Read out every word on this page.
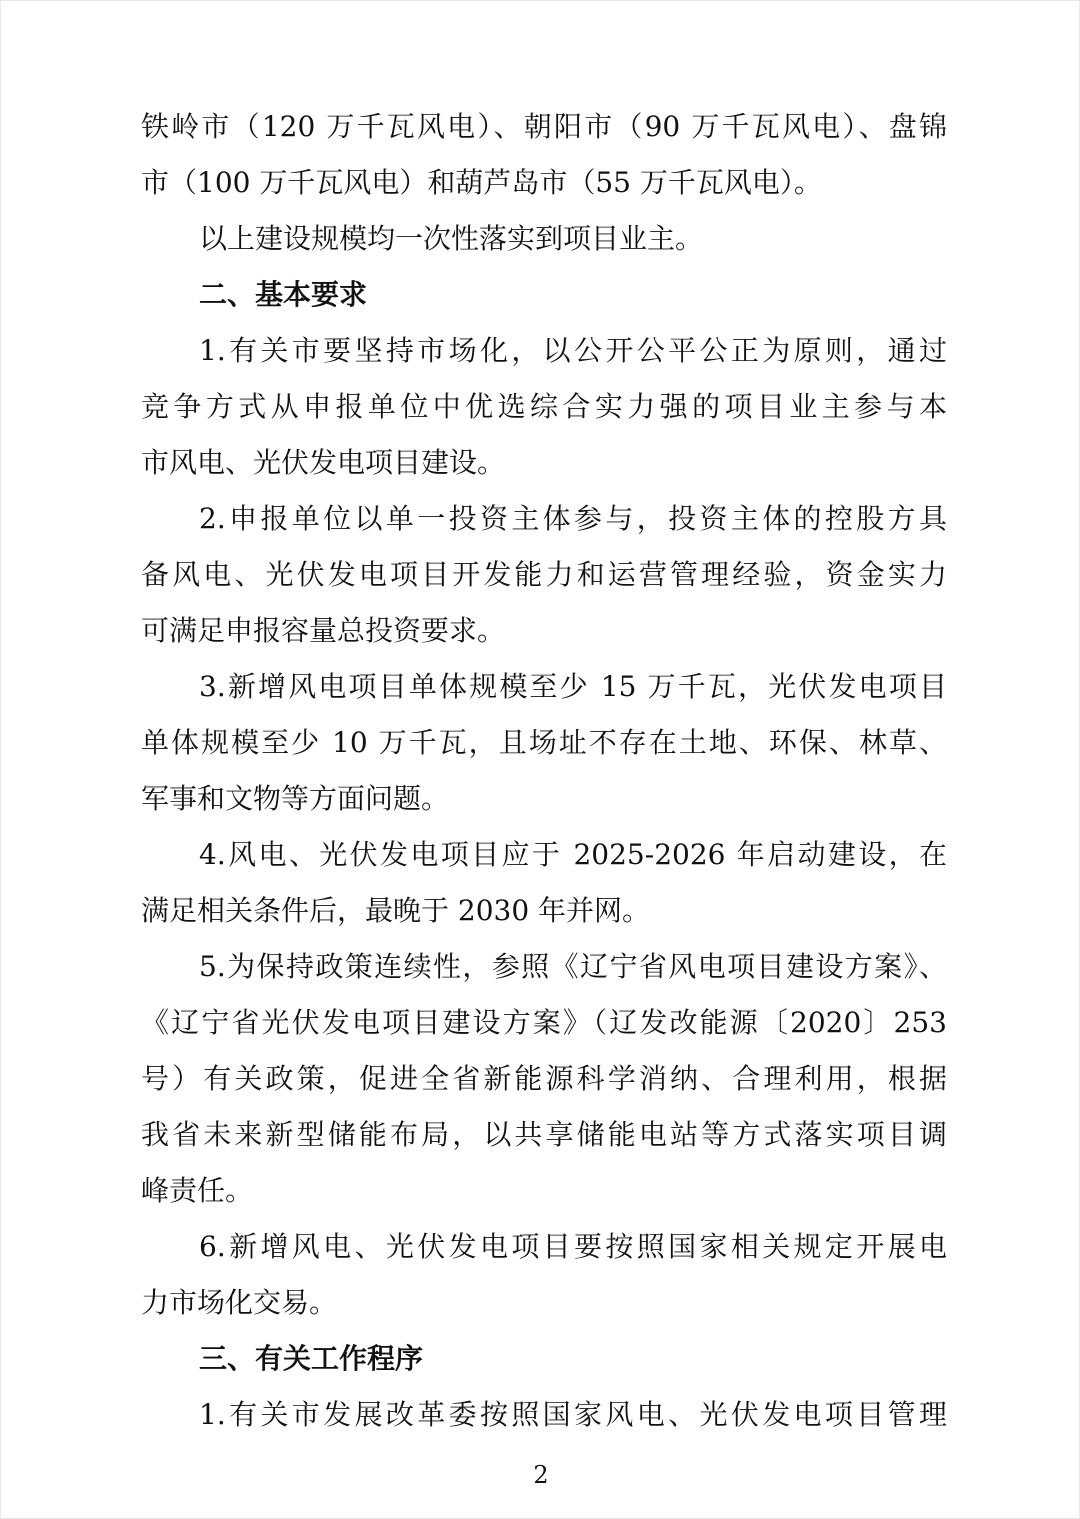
铁岭市（120 万千瓦风电）、朝阳市（90 万千瓦风电）、盘锦
市（100 万千瓦风电）和葫芦岛市（55 万千瓦风电）。
以上建设规模均一次性落实到项目业主。
二、基本要求
1.有关市要坚持市场化，以公开公平公正为原则，通过
竞争方式从申报单位中优选综合实力强的项目业主参与本
市风电、光伏发电项目建设。
2.申报单位以单一投资主体参与，投资主体的控股方具
备风电、光伏发电项目开发能力和运营管理经验，资金实力
可满足申报容量总投资要求。
3.新增风电项目单体规模至少 15 万千瓦，光伏发电项目
单体规模至少 10 万千瓦，且场址不存在土地、环保、林草、
军事和文物等方面问题。
4.风电、光伏发电项目应于 2025-2026 年启动建设，在
满足相关条件后，最晚于 2030 年并网。
5.为保持政策连续性，参照《辽宁省风电项目建设方案》、
《辽宁省光伏发电项目建设方案》（辽发改能源〔2020〕253
号）有关政策，促进全省新能源科学消纳、合理利用，根据
我省未来新型储能布局，以共享储能电站等方式落实项目调
峰责任。
6.新增风电、光伏发电项目要按照国家相关规定开展电
力市场化交易。
三、有关工作程序
1.有关市发展改革委按照国家风电、光伏发电项目管理
2
